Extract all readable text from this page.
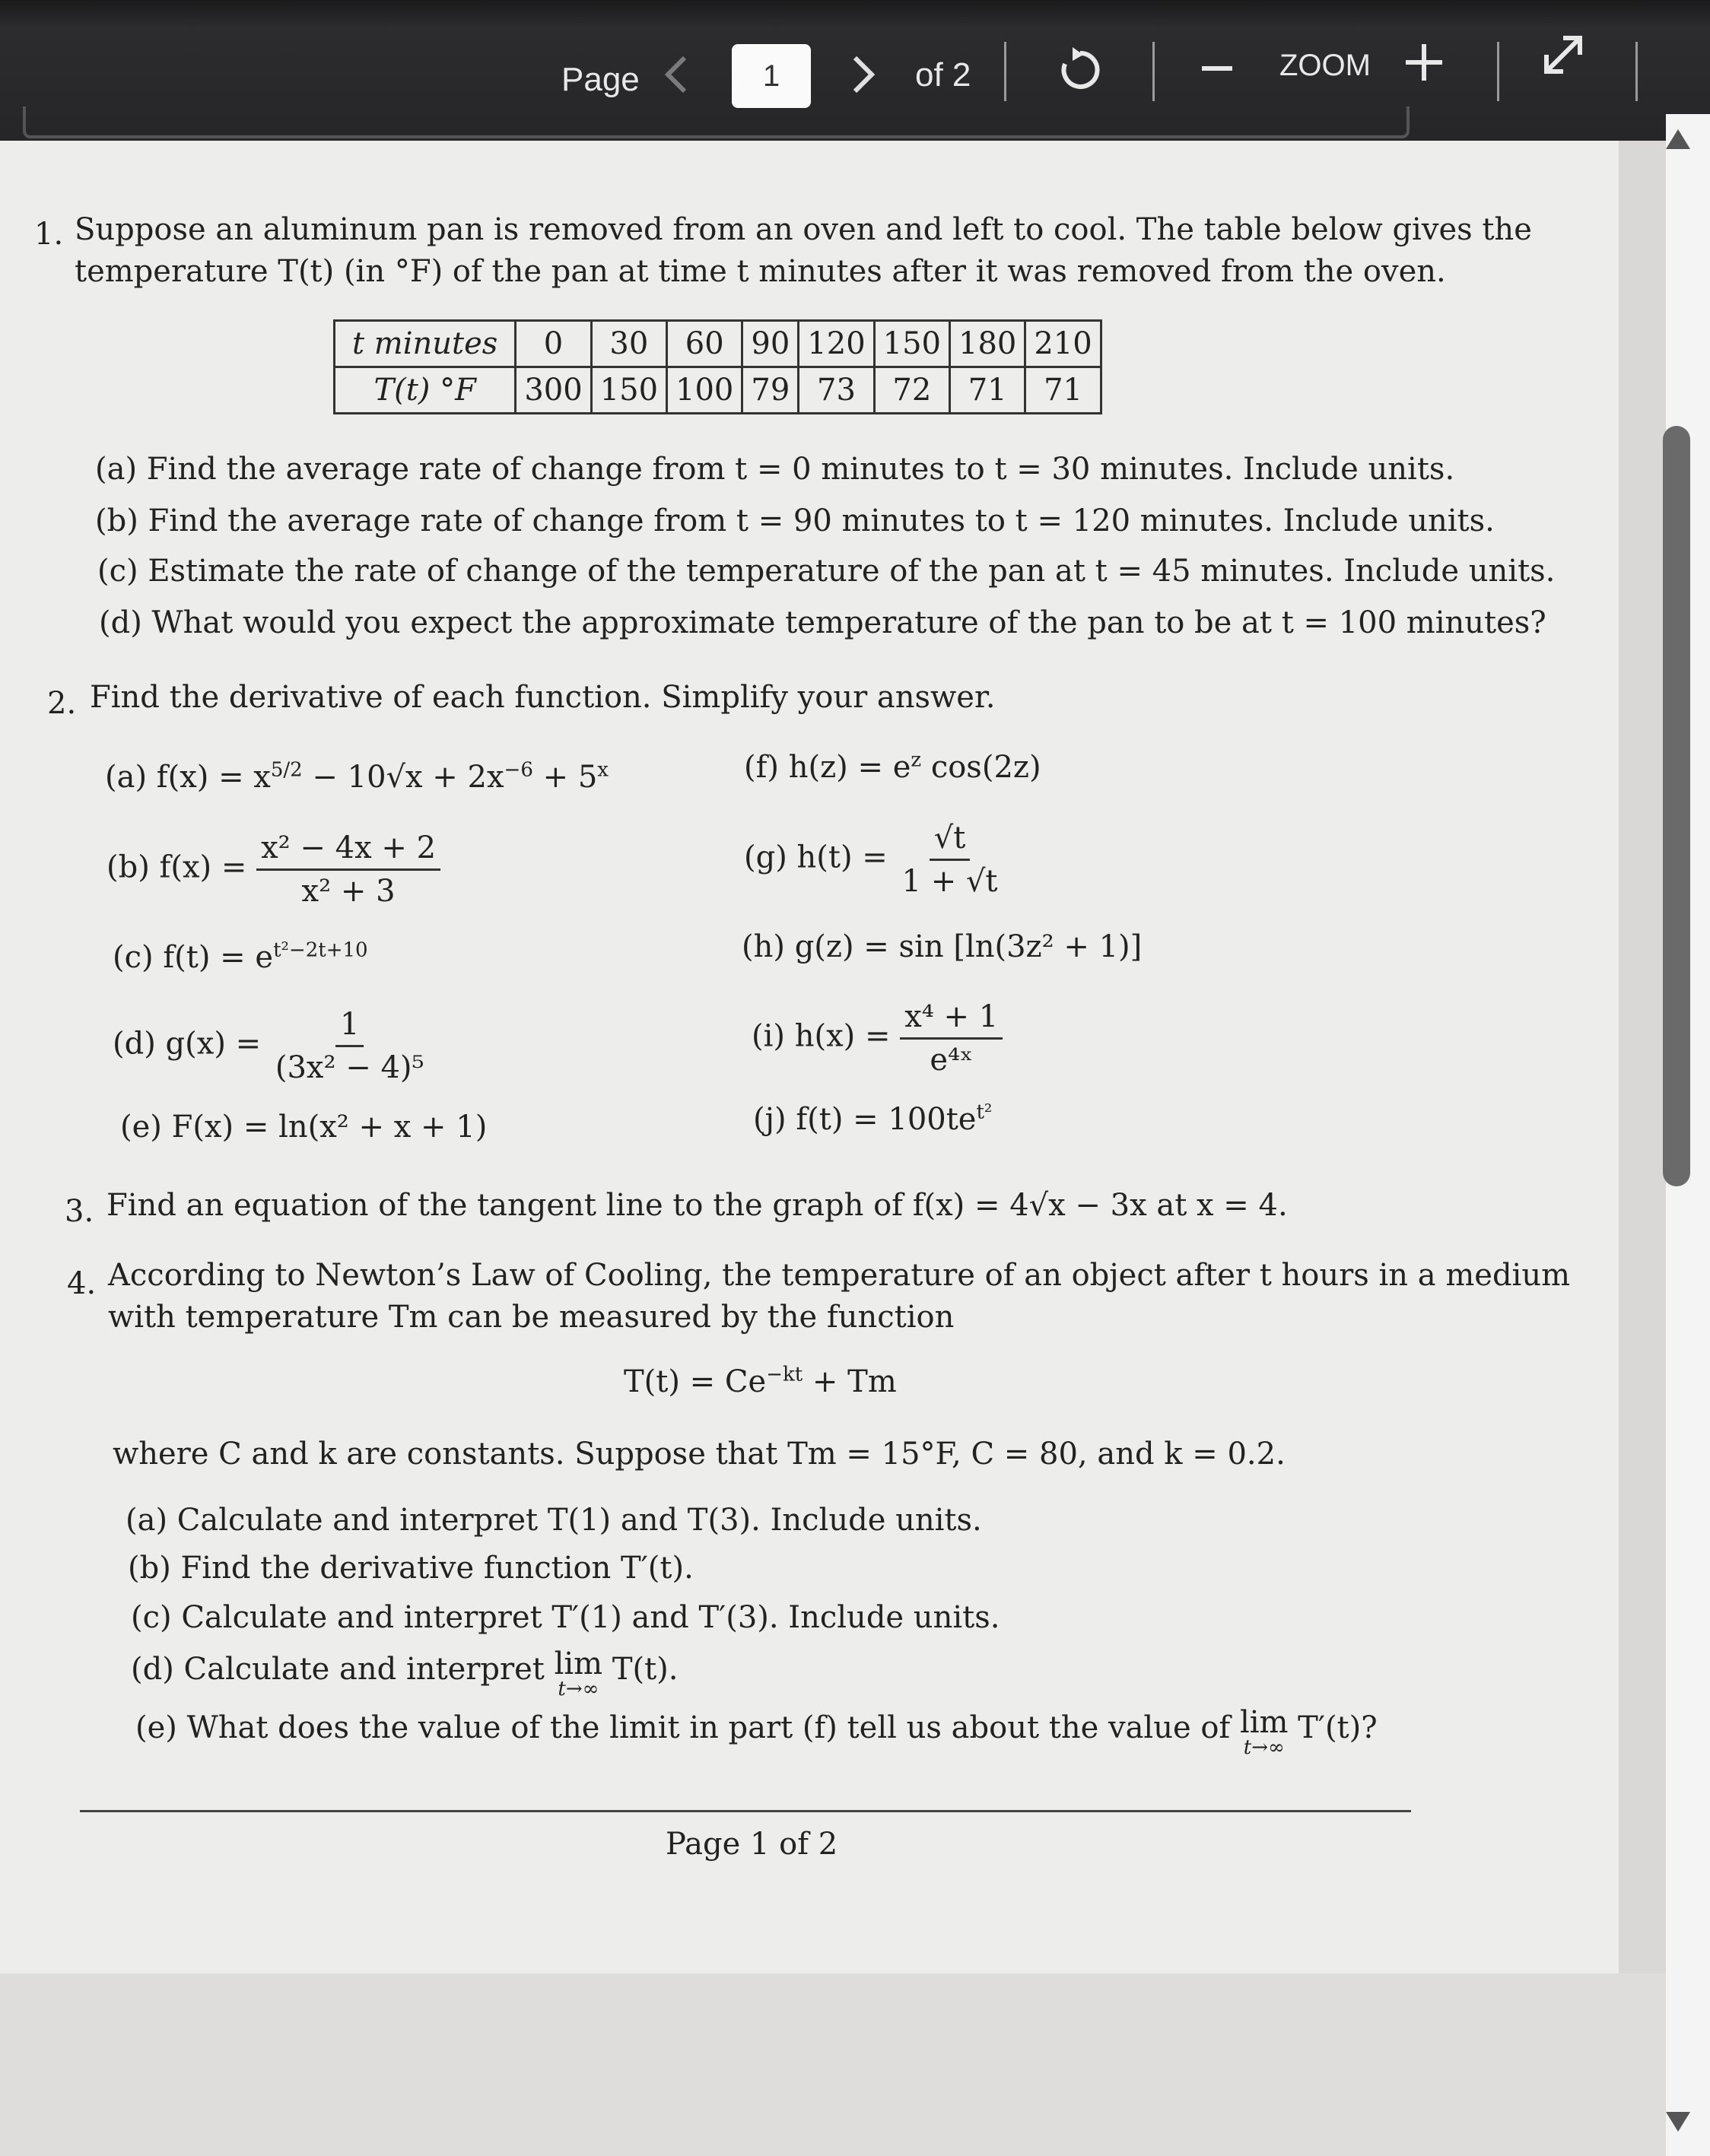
Page	1	of 2	ZOOM
1. Suppose an aluminum pan is removed from an oven and left to cool. The table below gives the
temperature T(t) (in °F) of the pan at time t minutes after it was removed from the oven.
t minutes	0	30	60	90	120	150	180	210
T(t) °F	300	150	100	79	73	72	71	71
(a) Find the average rate of change from t = 0 minutes to t = 30 minutes. Include units.
(b) Find the average rate of change from t = 90 minutes to t = 120 minutes. Include units.
(c) Estimate the rate of change of the temperature of the pan at t = 45 minutes. Include units.
(d) What would you expect the approximate temperature of the pan to be at t = 100 minutes?
2. Find the derivative of each function. Simplify your answer.
(a) $f(x) = x^{5/2} - 10√x + 2x^{-6} + 5^x$
(b) $f(x) = \frac{\text{x² − 4x + 2}}{\text{x² + 3}}$
(c) $f(t) = e^{t^2-2t+10}$
(d) $g(x) = \frac{1}{\text{(3x² − 4)⁵}}$
(e) F(x) = ln(x² + x + 1)
(f) $h(z) = e^z$ cos(2z)
(g) $h(t) = \frac{√t}{1 + √t}$
(h) g(z) = sin [ln(3z² + 1)]
(i) $h(x) = \frac{\text{x⁴ + 1}}{\text{e⁴ˣ}}$
(j) $f(t) = 100te^{t^2}$
3. Find an equation of the tangent line to the graph of f(x) = 4√x − 3x at x = 4.
4. According to Newton’s Law of Cooling, the temperature of an object after t hours in a medium
with temperature Tm can be measured by the function
$T(t) = Ce^{-kt} + Tm$
where C and k are constants. Suppose that Tm = 15°F, C = 80, and k = 0.2.
(a) Calculate and interpret T(1) and T(3). Include units.
(b) Find the derivative function T′(t).
(c) Calculate and interpret T′(1) and T′(3). Include units.
(d) Calculate and interpret lim
t→∞
T(t).
(e) What does the value of the limit in part (f) tell us about the value of lim
t→∞
T′(t)?
Page 1 of 2
